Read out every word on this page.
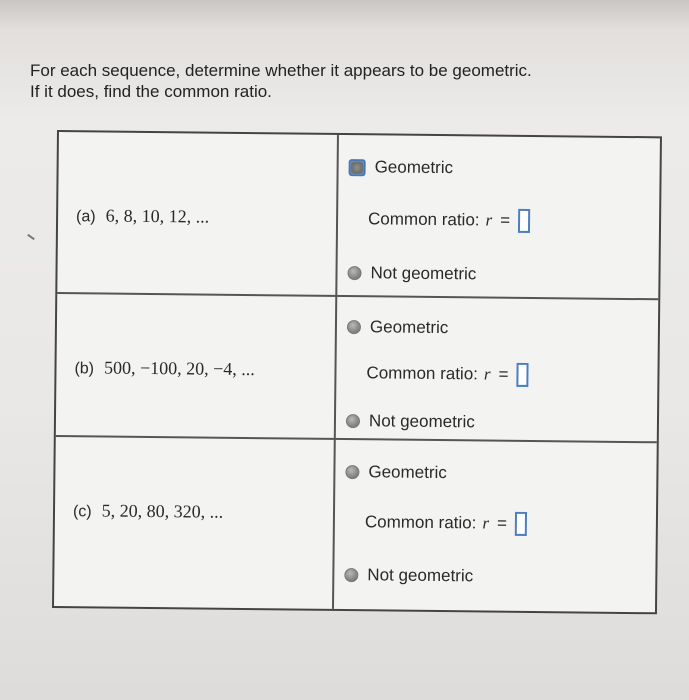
For each sequence, determine whether it appears to be geometric.
If it does, find the common ratio.
(a) 6, 8, 10, 12, ...
Geometric
Common ratio: r =
Not geometric
(b) 500, −100, 20, −4, ...
Geometric
Common ratio: r =
Not geometric
(c) 5, 20, 80, 320, ...
Geometric
Common ratio: r =
Not geometric
